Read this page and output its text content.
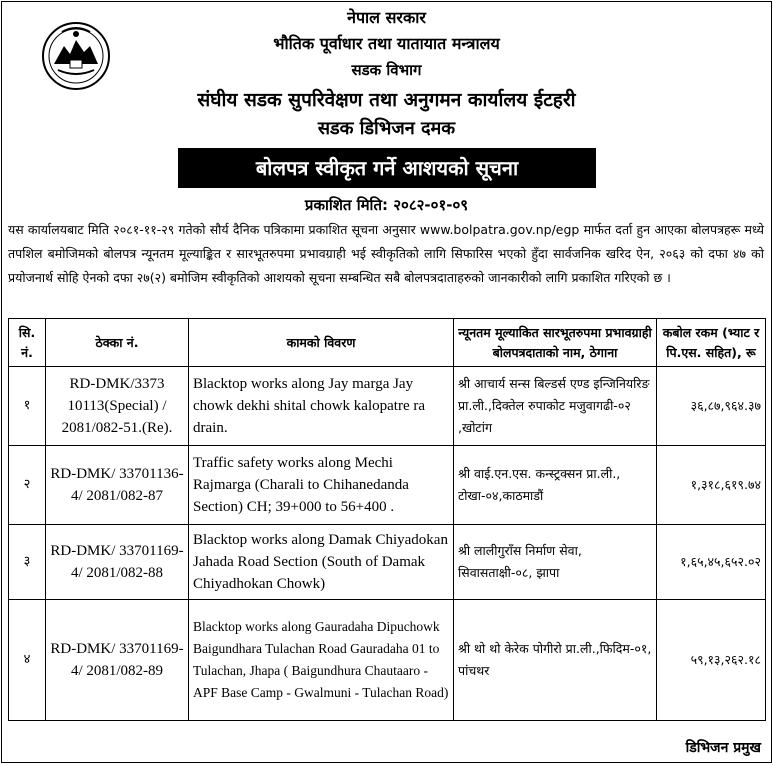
नेपाल सरकार
भौतिक पूर्वाधार तथा यातायात मन्त्रालय
सडक विभाग
संघीय सडक सुपरिवेक्षण तथा अनुगमन कार्यालय ईटहरी
सडक डिभिजन दमक
बोलपत्र स्वीकृत गर्ने आशयको सूचना
प्रकाशित मिति: २०८२-०१-०९
यस कार्यालयबाट मिति २०८१-११-२९ गतेको सौर्य दैनिक पत्रिकामा प्रकाशित सूचना अनुसार www.bolpatra.gov.np/egp मार्फत दर्ता हुन आएका बोलपत्रहरू मध्ये तपशिल बमोजिमको बोलपत्र न्यूनतम मूल्याङ्कित र सारभूतरुपमा प्रभावग्राही भई स्वीकृतिको लागि सिफारिस भएको हुँदा सार्वजनिक खरिद ऐन, २०६३ को दफा ४७ को प्रयोजनार्थ सोहि ऐनको दफा २७(२) बमोजिम स्वीकृतिको आशयको सूचना सम्बन्धित सबै बोलपत्रदाताहरुको जानकारीको लागि प्रकाशित गरिएको छ ।
सि. नं.	ठेक्का नं.	कामको विवरण	न्यूनतम मूल्याकित सारभूतरुपमा प्रभावग्राही बोलपत्रदाताको नाम, ठेगाना	कबोल रकम (भ्याट र पि.एस. सहित), रू
१	RD-DMK/3373 10113(Special) / 2081/082-51.(Re).	Blacktop works along Jay marga Jay chowk dekhi shital chowk kalopatre ra drain.	श्री आचार्य सन्स बिल्डर्स एण्ड इन्जिनियरिङ प्रा.ली.,दिक्तेल रुपाकोट मजुवागढी-०२ ,खोटांग	३६,८७,९६४.३७
२	RD-DMK/ 33701136-4/ 2081/082-87	Traffic safety works along Mechi Rajmarga (Charali to Chihanedanda Section) CH; 39+000 to 56+400 .	श्री वाई.एन.एस. कन्स्ट्रक्सन प्रा.ली., टोखा-०४,काठमाडौं	१,३१८,६१९.७४
३	RD-DMK/ 33701169-4/ 2081/082-88	Blacktop works along Damak Chiyadokan Jahada Road Section (South of Damak Chiyadhokan Chowk)	श्री लालीगुराँस निर्माण सेवा, सिवासताक्षी-०८, झापा	१,६५,४५,६५२.०२
४	RD-DMK/ 33701169-4/ 2081/082-89	Blacktop works along Gauradaha Dipuchowk Baigundhara Tulachan Road Gauradaha 01 to Tulachan, Jhapa ( Baigundhura Chautaaro - APF Base Camp - Gwalmuni - Tulachan Road)	श्री थो थो केरेक पोगीरो प्रा.ली.,फिदिम-०१, पांचथर	५९,१३,२६२.१८
डिभिजन प्रमुख
